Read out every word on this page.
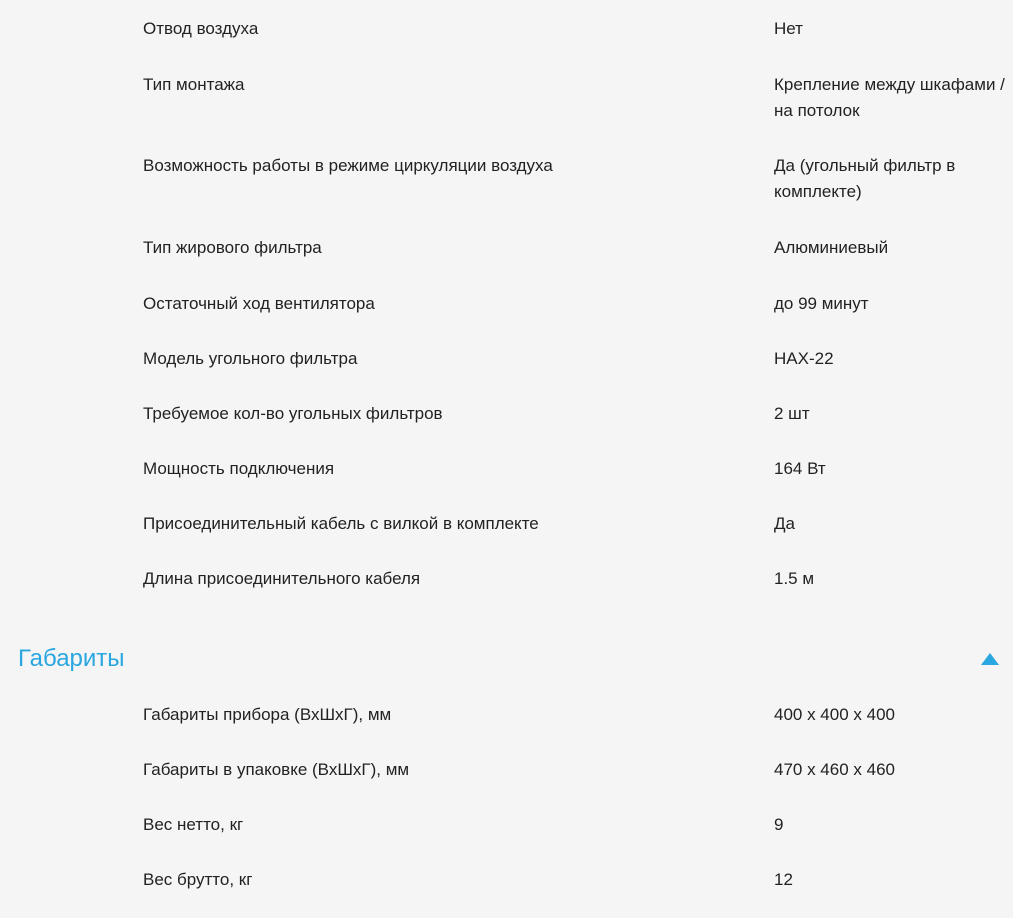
Отвод воздуха	Нет
Тип монтажа	Крепление между шкафами / на потолок
Возможность работы в режиме циркуляции воздуха	Да (угольный фильтр в комплекте)
Тип жирового фильтра	Алюминиевый
Остаточный ход вентилятора	до 99 минут
Модель угольного фильтра	HAX-22
Требуемое кол-во угольных фильтров	2 шт
Мощность подключения	164 Вт
Присоединительный кабель с вилкой в комплекте	Да
Длина присоединительного кабеля	1.5 м
Габариты
Габариты прибора (ВхШхГ), мм	400 x 400 x 400
Габариты в упаковке (ВхШхГ), мм	470 x 460 x 460
Вес нетто, кг	9
Вес брутто, кг	12
